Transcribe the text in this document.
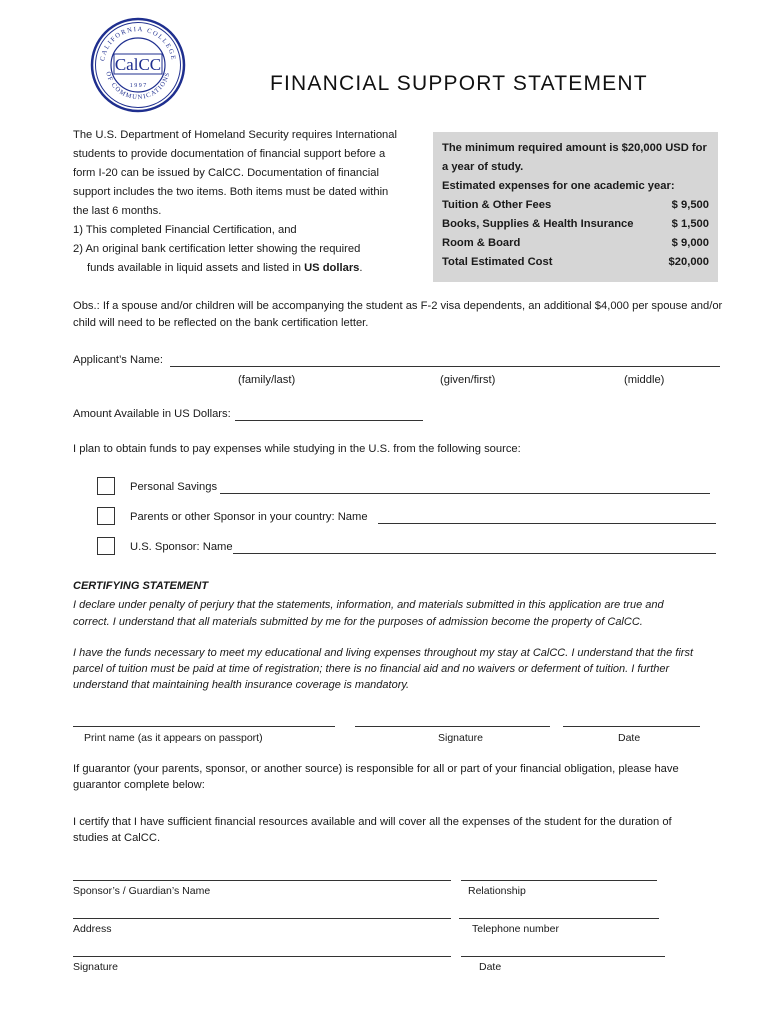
CALIFORNIA COLLEGE
OF COMMUNICATIONS
CalCC
1 9 9 7	FINANCIAL SUPPORT STATEMENT
The U.S. Department of Homeland Security requires International
students to provide documentation of financial support before a
form I-20 can be issued by CalCC. Documentation of financial
support includes the two items. Both items must be dated within
the last 6 months.
1) This completed Financial Certification, and
2) An original bank certification letter showing the required
funds available in liquid assets and listed in US dollars.
The minimum required amount is $20,000 USD for
a year of study.
Estimated expenses for one academic year:
Tuition & Other Fees	$ 9,500
Books, Supplies & Health Insurance	$ 1,500
Room & Board	$ 9,000
Total Estimated Cost	$20,000
Obs.: If a spouse and/or children will be accompanying the student as F-2 visa dependents, an additional $4,000 per spouse and/or child will need to be reflected on the bank certification letter.
Applicant’s Name:
(family/last)	(given/first)	(middle)
Amount Available in US Dollars:
I plan to obtain funds to pay expenses while studying in the U.S. from the following source:
Personal Savings
Parents or other Sponsor in your country: Name
U.S. Sponsor: Name
CERTIFYING STATEMENT
I declare under penalty of perjury that the statements, information, and materials submitted in this application are true and
correct. I understand that all materials submitted by me for the purposes of admission become the property of CalCC.
I have the funds necessary to meet my educational and living expenses throughout my stay at CalCC. I understand that the first
parcel of tuition must be paid at time of registration; there is no financial aid and no waivers or deferment of tuition. I further
understand that maintaining health insurance coverage is mandatory.
Print name (as it appears on passport)	Signature	Date
If guarantor (your parents, sponsor, or another source) is responsible for all or part of your financial obligation, please have
guarantor complete below:
I certify that I have sufficient financial resources available and will cover all the expenses of the student for the duration of
studies at CalCC.
Sponsor’s / Guardian’s Name	Relationship
Address	Telephone number
Signature	Date
